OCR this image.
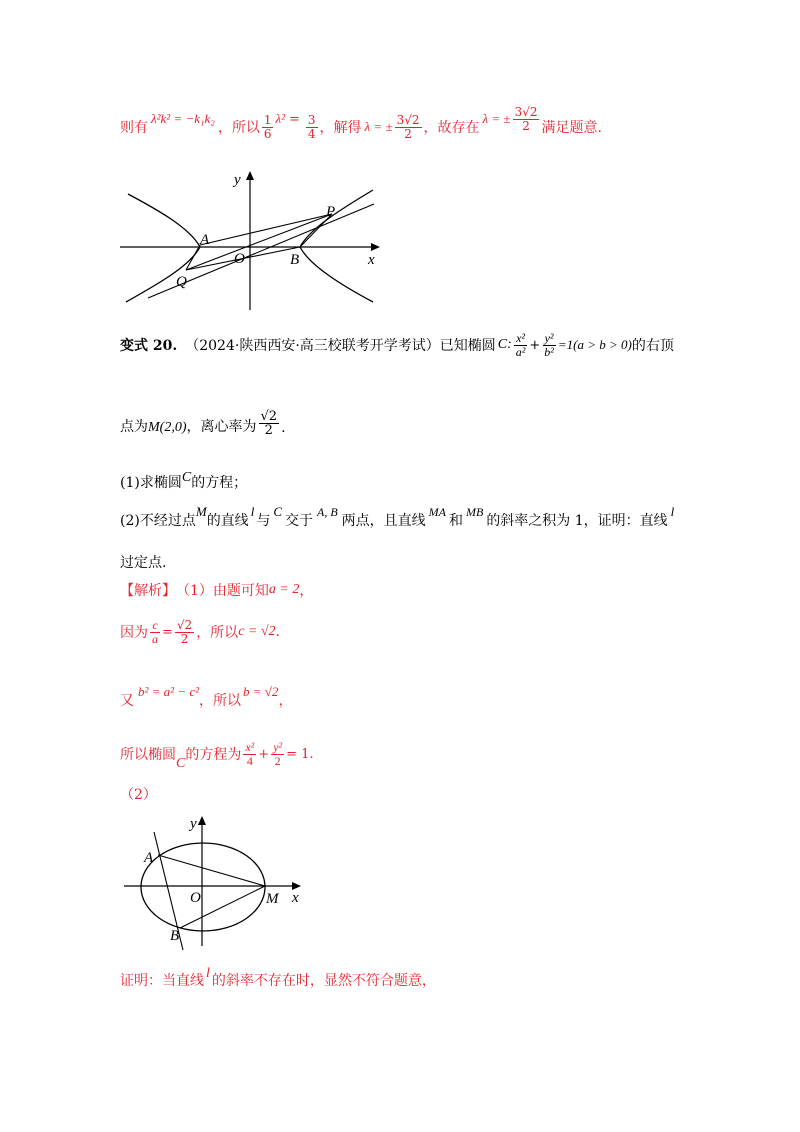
则有
λ²k² = −k₁k₂
，所以 $\frac{1}{6} \lambda^2 = \frac{3}{4}$ ，解得 λ = ± $\frac{3√2}{2}$ ，故存在
λ = ± $\frac{3√2}{2}$ 满足题意.
y
x
A
O	B
P
Q
变式 20. （2024·陕西西安·高三校联考开学考试）已知椭圆 C: $\frac{\text{x²}}{\text{a²}} + \frac{\text{y²}}{\text{b²}} =1(a > b > 0)$ 的右顶
点为 M(2,0) ，离心率为 $\frac{√2}{2}$ .
(1)求椭圆 C 的方程；
(2)不经过点
M
的直线
l
与
C
交于
A, B
两点，且直线
MA
和
MB
的斜率之积为 1，证明：直线
l
过定点.
【解析】 （1）由题可知 a = 2 ，
因为 $\frac{c}{a} = \frac{√2}{2}$ ，所以 c = √2 .
又
b² = a² − c²
，所以
b = √2
，
所以椭圆
C
的方程为 $\frac{\text{x²}}{4} + \frac{\text{y²}}{2} = 1$.
（2）
y
x
A
O	M
B
证明：当直线 l 的斜率不存在时，显然不符合题意，
